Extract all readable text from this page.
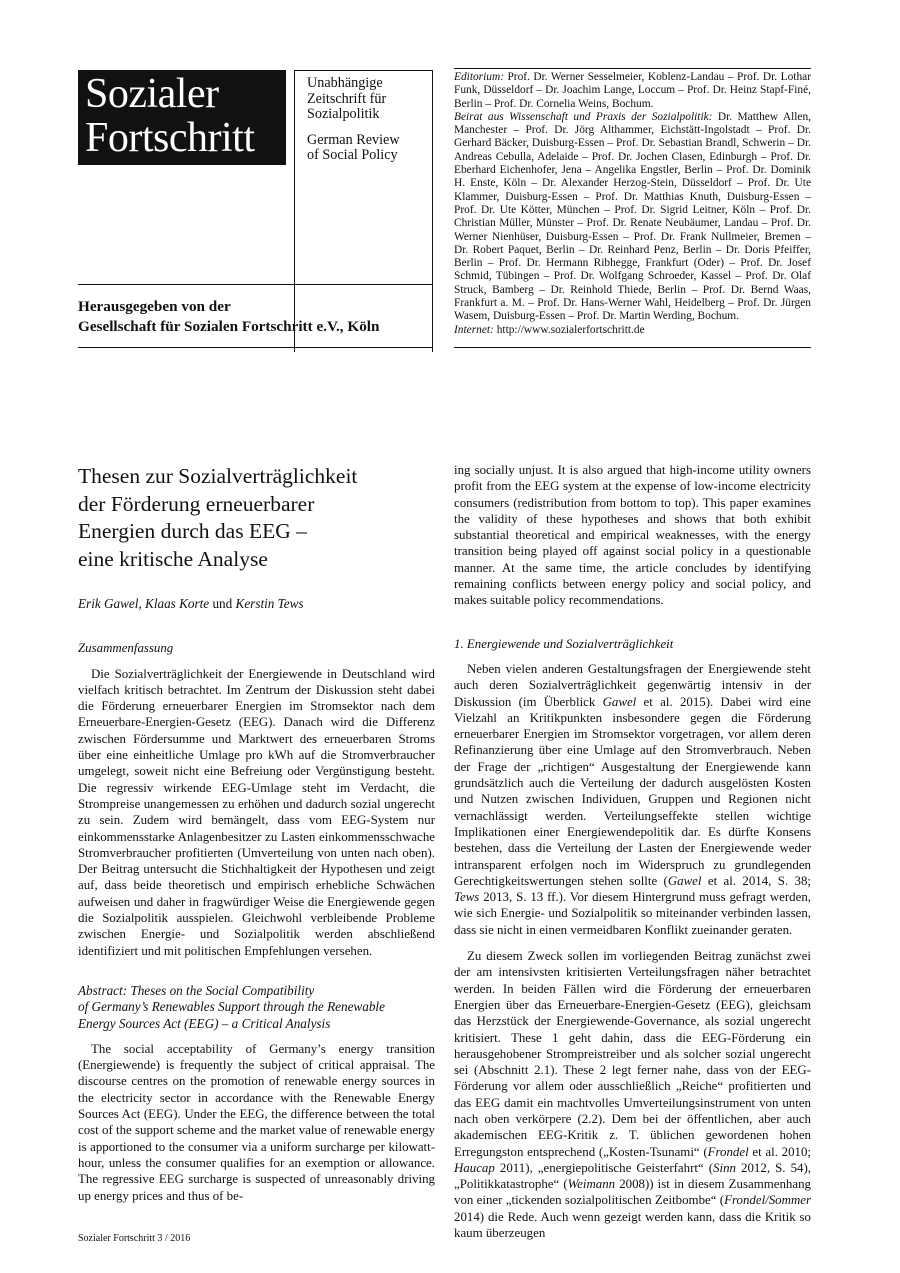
Sozialer
Fortschritt
Unabhängige
Zeitschrift für
Sozialpolitik
German Review
of Social Policy
Herausgegeben von der
Gesellschaft für Sozialen Fortschritt e.V., Köln

Editorium: Prof. Dr. Werner Sesselmeier, Koblenz-Landau – Prof. Dr. Lothar Funk, Düsseldorf – Dr. Joachim Lange, Loccum – Prof. Dr. Heinz Stapf-Finé, Berlin – Prof. Dr. Cornelia Weins, Bochum.

Beirat aus Wissenschaft und Praxis der Sozialpolitik: Dr. Matthew Allen, Manchester – Prof. Dr. Jörg Althammer, Eichstätt-Ingolstadt – Prof. Dr. Gerhard Bäcker, Duisburg-Essen – Prof. Dr. Sebastian Brandl, Schwerin – Dr. Andreas Cebulla, Adelaide – Prof. Dr. Jochen Clasen, Edinburgh – Prof. Dr. Eberhard Eichenhofer, Jena – Angelika Engstler, Berlin – Prof. Dr. Dominik H. Enste, Köln – Dr. Alexander Herzog-Stein, Düsseldorf – Prof. Dr. Ute Klammer, Duisburg-Essen – Prof. Dr. Matthias Knuth, Duisburg-Essen – Prof. Dr. Ute Kötter, München – Prof. Dr. Sigrid Leitner, Köln – Prof. Dr. Christian Müller, Münster – Prof. Dr. Renate Neubäumer, Landau – Prof. Dr. Werner Nienhüser, Duisburg-Essen – Prof. Dr. Frank Nullmeier, Bremen – Dr. Robert Paquet, Berlin – Dr. Reinhard Penz, Berlin – Dr. Doris Pfeiffer, Berlin – Prof. Dr. Hermann Ribhegge, Frankfurt (Oder) – Prof. Dr. Josef Schmid, Tübingen – Prof. Dr. Wolfgang Schroeder, Kassel – Prof. Dr. Olaf Struck, Bamberg – Dr. Reinhold Thiede, Berlin – Prof. Dr. Bernd Waas, Frankfurt a. M. – Prof. Dr. Hans-Werner Wahl, Heidelberg – Prof. Dr. Jürgen Wasem, Duisburg-Essen – Prof. Dr. Martin Werding, Bochum.

Internet: http://www.sozialerfortschritt.de

Thesen zur Sozialverträglichkeit
der Förderung erneuerbarer
Energien durch das EEG –
eine kritische Analyse
Erik Gawel, Klaas Korte und Kerstin Tews
Zusammenfassung

Die Sozialverträglichkeit der Energiewende in Deutschland wird vielfach kritisch betrachtet. Im Zentrum der Diskussion steht dabei die Förderung erneuerbarer Energien im Stromsektor nach dem Erneuerbare-Energien-Gesetz (EEG). Danach wird die Differenz zwischen Fördersumme und Marktwert des erneuerbaren Stroms über eine einheitliche Umlage pro kWh auf die Stromverbraucher umgelegt, soweit nicht eine Befreiung oder Vergünstigung besteht. Die regressiv wirkende EEG-Umlage steht im Verdacht, die Strompreise unangemessen zu erhöhen und dadurch sozial ungerecht zu sein. Zudem wird bemängelt, dass vom EEG-System nur einkommensstarke Anlagenbesitzer zu Lasten einkommensschwache Stromverbraucher profitierten (Umverteilung von unten nach oben). Der Beitrag untersucht die Stichhaltigkeit der Hypothesen und zeigt auf, dass beide theoretisch und empirisch erhebliche Schwächen aufweisen und daher in fragwürdiger Weise die Energiewende gegen die Sozialpolitik ausspielen. Gleichwohl verbleibende Probleme zwischen Energie- und Sozialpolitik werden abschließend identifiziert und mit politischen Empfehlungen versehen.

Abstract: Theses on the Social Compatibility
of Germany’s Renewables Support through the Renewable
Energy Sources Act (EEG) – a Critical Analysis

The social acceptability of Germany’s energy transition (Energiewende) is frequently the subject of critical appraisal. The discourse centres on the promotion of renewable energy sources in the electricity sector in accordance with the Renewable Energy Sources Act (EEG). Under the EEG, the difference between the total cost of the support scheme and the market value of renewable energy is apportioned to the consumer via a uniform surcharge per kilowatt-hour, unless the consumer qualifies for an exemption or allowance. The regressive EEG surcharge is suspected of unreasonably driving up energy prices and thus of be-

ing socially unjust. It is also argued that high-income utility owners profit from the EEG system at the expense of low-income electricity consumers (redistribution from bottom to top). This paper examines the validity of these hypotheses and shows that both exhibit substantial theoretical and empirical weaknesses, with the energy transition being played off against social policy in a questionable manner. At the same time, the article concludes by identifying remaining conflicts between energy policy and social policy, and makes suitable policy recommendations.

1. Energiewende und Sozialverträglichkeit

Neben vielen anderen Gestaltungsfragen der Energiewende steht auch deren Sozialverträglichkeit gegenwärtig intensiv in der Diskussion (im Überblick Gawel et al. 2015). Dabei wird eine Vielzahl an Kritikpunkten insbesondere gegen die Förderung erneuerbarer Energien im Stromsektor vorgetragen, vor allem deren Refinanzierung über eine Umlage auf den Stromverbrauch. Neben der Frage der „richtigen“ Ausgestaltung der Energiewende kann grundsätzlich auch die Verteilung der dadurch ausgelösten Kosten und Nutzen zwischen Individuen, Gruppen und Regionen nicht vernachlässigt werden. Verteilungseffekte stellen wichtige Implikationen einer Energiewendepolitik dar. Es dürfte Konsens bestehen, dass die Verteilung der Lasten der Energiewende weder intransparent erfolgen noch im Widerspruch zu grundlegenden Gerechtigkeitswertungen stehen sollte (Gawel et al. 2014, S. 38; Tews 2013, S. 13 ff.). Vor diesem Hintergrund muss gefragt werden, wie sich Energie- und Sozialpolitik so miteinander verbinden lassen, dass sie nicht in einen vermeidbaren Konflikt zueinander geraten.

Zu diesem Zweck sollen im vorliegenden Beitrag zunächst zwei der am intensivsten kritisierten Verteilungsfragen näher betrachtet werden. In beiden Fällen wird die Förderung der erneuerbaren Energien über das Erneuerbare-Energien-Gesetz (EEG), gleichsam das Herzstück der Energiewende-Governance, als sozial ungerecht kritisiert. These 1 geht dahin, dass die EEG-Förderung ein herausgehobener Strompreistreiber und als solcher sozial ungerecht sei (Abschnitt 2.1). These 2 legt ferner nahe, dass von der EEG-Förderung vor allem oder ausschließlich „Reiche“ profitierten und das EEG damit ein machtvolles Umverteilungsinstrument von unten nach oben verkörpere (2.2). Dem bei der öffentlichen, aber auch akademischen EEG-Kritik z. T. üblichen gewordenen hohen Erregungston entsprechend („Kosten-Tsunami“ (Frondel et al. 2010; Haucap 2011), „energiepolitische Geisterfahrt“ (Sinn 2012, S. 54), „Politikkatastrophe“ (Weimann 2008)) ist in diesem Zusammenhang von einer „tickenden sozialpolitischen Zeitbombe“ (Frondel/Sommer 2014) die Rede. Auch wenn gezeigt werden kann, dass die Kritik so kaum überzeugen

Sozialer Fortschritt 3 / 2016
